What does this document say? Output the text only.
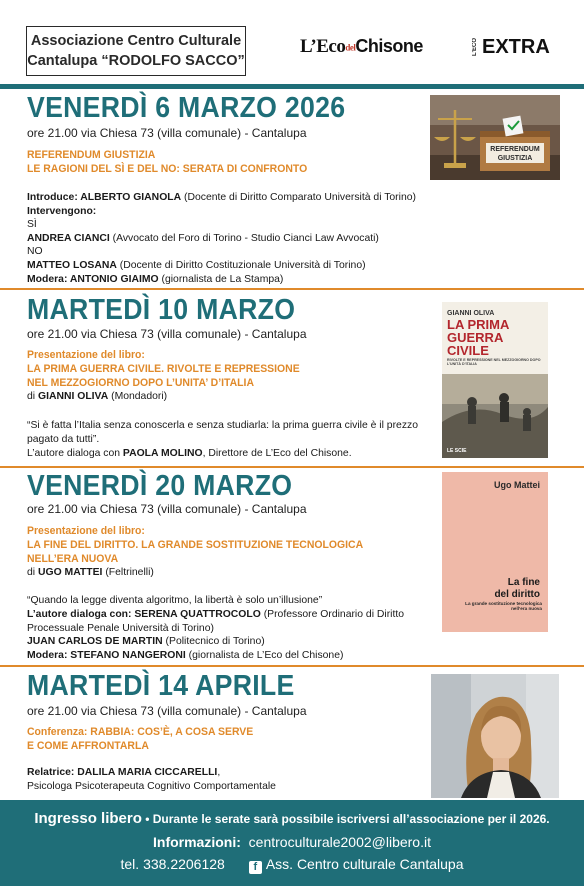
Associazione Centro Culturale
Cantalupa “RODOLFO SACCO”
L’EcodelChisone	L’ECO EXTRA
VENERDÌ 6 MARZO 2026
ore 21.00 via Chiesa 73 (villa comunale) - Cantalupa
REFERENDUM GIUSTIZIA
LE RAGIONI DEL SÌ E DEL NO: SERATA DI CONFRONTO
Introduce: ALBERTO GIANOLA (Docente di Diritto Comparato Università di Torino)
Intervengono:
SÌ
ANDREA CIANCI (Avvocato del Foro di Torino - Studio Cianci Law Avvocati)
NO
MATTEO LOSANA (Docente di Diritto Costituzionale Università di Torino)
Modera: ANTONIO GIAIMO (giornalista de La Stampa)
REFERENDUM
GIUSTIZIA
MARTEDÌ 10 MARZO
ore 21.00 via Chiesa 73 (villa comunale) - Cantalupa
Presentazione del libro:
LA PRIMA GUERRA CIVILE. RIVOLTE E REPRESSIONE
NEL MEZZOGIORNO DOPO L’UNITA’ D’ITALIA
di GIANNI OLIVA (Mondadori)
“Si è fatta l’Italia senza conoscerla e senza studiarla: la prima guerra civile è il prezzo pagato da tutti”.
L’autore dialoga con PAOLA MOLINO, Direttore de L’Eco del Chisone.
GIANNI OLIVA
LA PRIMA
GUERRA
CIVILE
RIVOLTE E REPRESSIONE NEL MEZZOGIORNO DOPO L’UNITÀ D’ITALIA
LE SCIE
VENERDÌ 20 MARZO
ore 21.00 via Chiesa 73 (villa comunale) - Cantalupa
Presentazione del libro:
LA FINE DEL DIRITTO. LA GRANDE SOSTITUZIONE TECNOLOGICA
NELL’ERA NUOVA
di UGO MATTEI (Feltrinelli)
“Quando la legge diventa algoritmo, la libertà è solo un’illusione”
L’autore dialoga con: SERENA QUATTROCOLO (Professore Ordinario di Diritto Processuale Penale Università di Torino)
JUAN CARLOS DE MARTIN (Politecnico di Torino)
Modera: STEFANO NANGERONI (giornalista de L’Eco del Chisone)
Ugo Mattei
La fine
del diritto
La grande sostituzione tecnologica nell’era nuova
MARTEDÌ 14 APRILE
ore 21.00 via Chiesa 73 (villa comunale) - Cantalupa
Conferenza: RABBIA: COS’È, A COSA SERVE
E COME AFFRONTARLA
Relatrice: DALILA MARIA CICCARELLI,
Psicologa Psicoterapeuta Cognitivo Comportamentale
Ingresso libero • Durante le serate sarà possibile iscriversi all’associazione per il 2026.
Informazioni: centroculturale2002@libero.it
tel. 338.2206128	f Ass. Centro culturale Cantalupa
